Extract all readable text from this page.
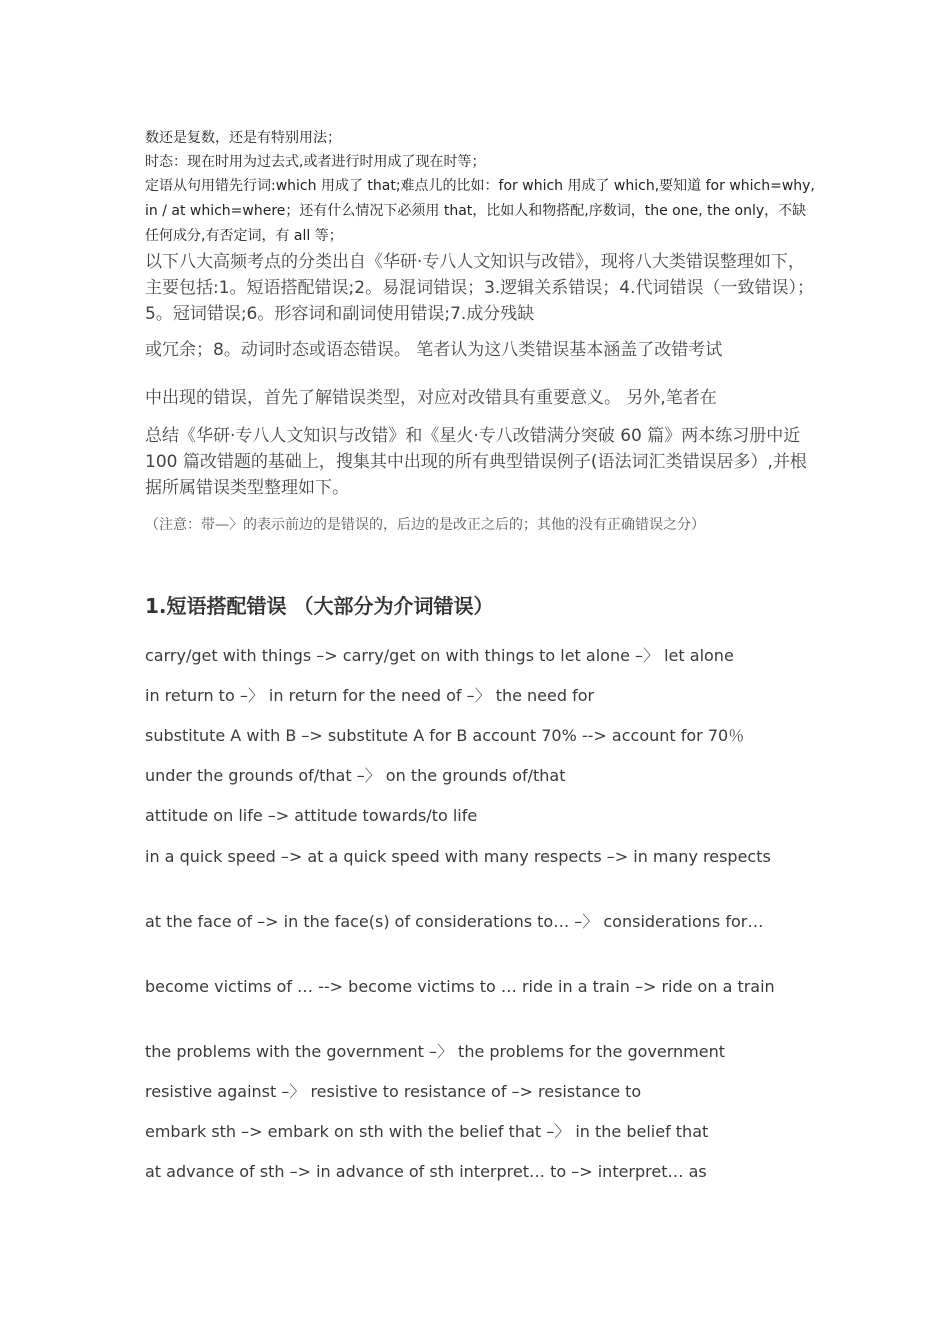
数还是复数，还是有特别用法；

时态：现在时用为过去式,或者进行时用成了现在时等；

定语从句用错先行词:which 用成了 that;难点儿的比如：for which 用成了 which,要知道 for which=why, in / at which=where；还有什么情况下必须用 that，比如人和物搭配,序数词，the one, the only，不缺任何成分,有否定词，有 all 等；

以下八大高频考点的分类出自《华研·专八人文知识与改错》，现将八大类错误整理如下，主要包括:1。短语搭配错误;2。易混词错误；3.逻辑关系错误；4.代词错误（一致错误）；5。冠词错误;6。形容词和副词使用错误;7.成分残缺

或冗余；8。动词时态或语态错误。 笔者认为这八类错误基本涵盖了改错考试

中出现的错误，首先了解错误类型，对应对改错具有重要意义。 另外,笔者在

总结《华研·专八人文知识与改错》和《星火·专八改错满分突破 60 篇》两本练习册中近 100 篇改错题的基础上，搜集其中出现的所有典型错误例子(语法词汇类错误居多）,并根据所属错误类型整理如下。

（注意：带—〉的表示前边的是错误的，后边的是改正之后的；其他的没有正确错误之分）

1.短语搭配错误 （大部分为介词错误）

carry/get with things –> carry/get on with things to let alone –〉 let alone

in return to –〉 in return for the need of –〉 the need for

substitute A with B –> substitute A for B account 70% --> account for 70％

under the grounds of/that –〉 on the grounds of/that

attitude on life –> attitude towards/to life

in a quick speed –> at a quick speed with many respects –> in many respects

at the face of –> in the face(s) of considerations to… –〉 considerations for…

become victims of … --> become victims to … ride in a train –> ride on a train

the problems with the government –〉 the problems for the government

resistive against –〉 resistive to resistance of –> resistance to

embark sth –> embark on sth with the belief that –〉 in the belief that

at advance of sth –> in advance of sth interpret… to –> interpret… as
